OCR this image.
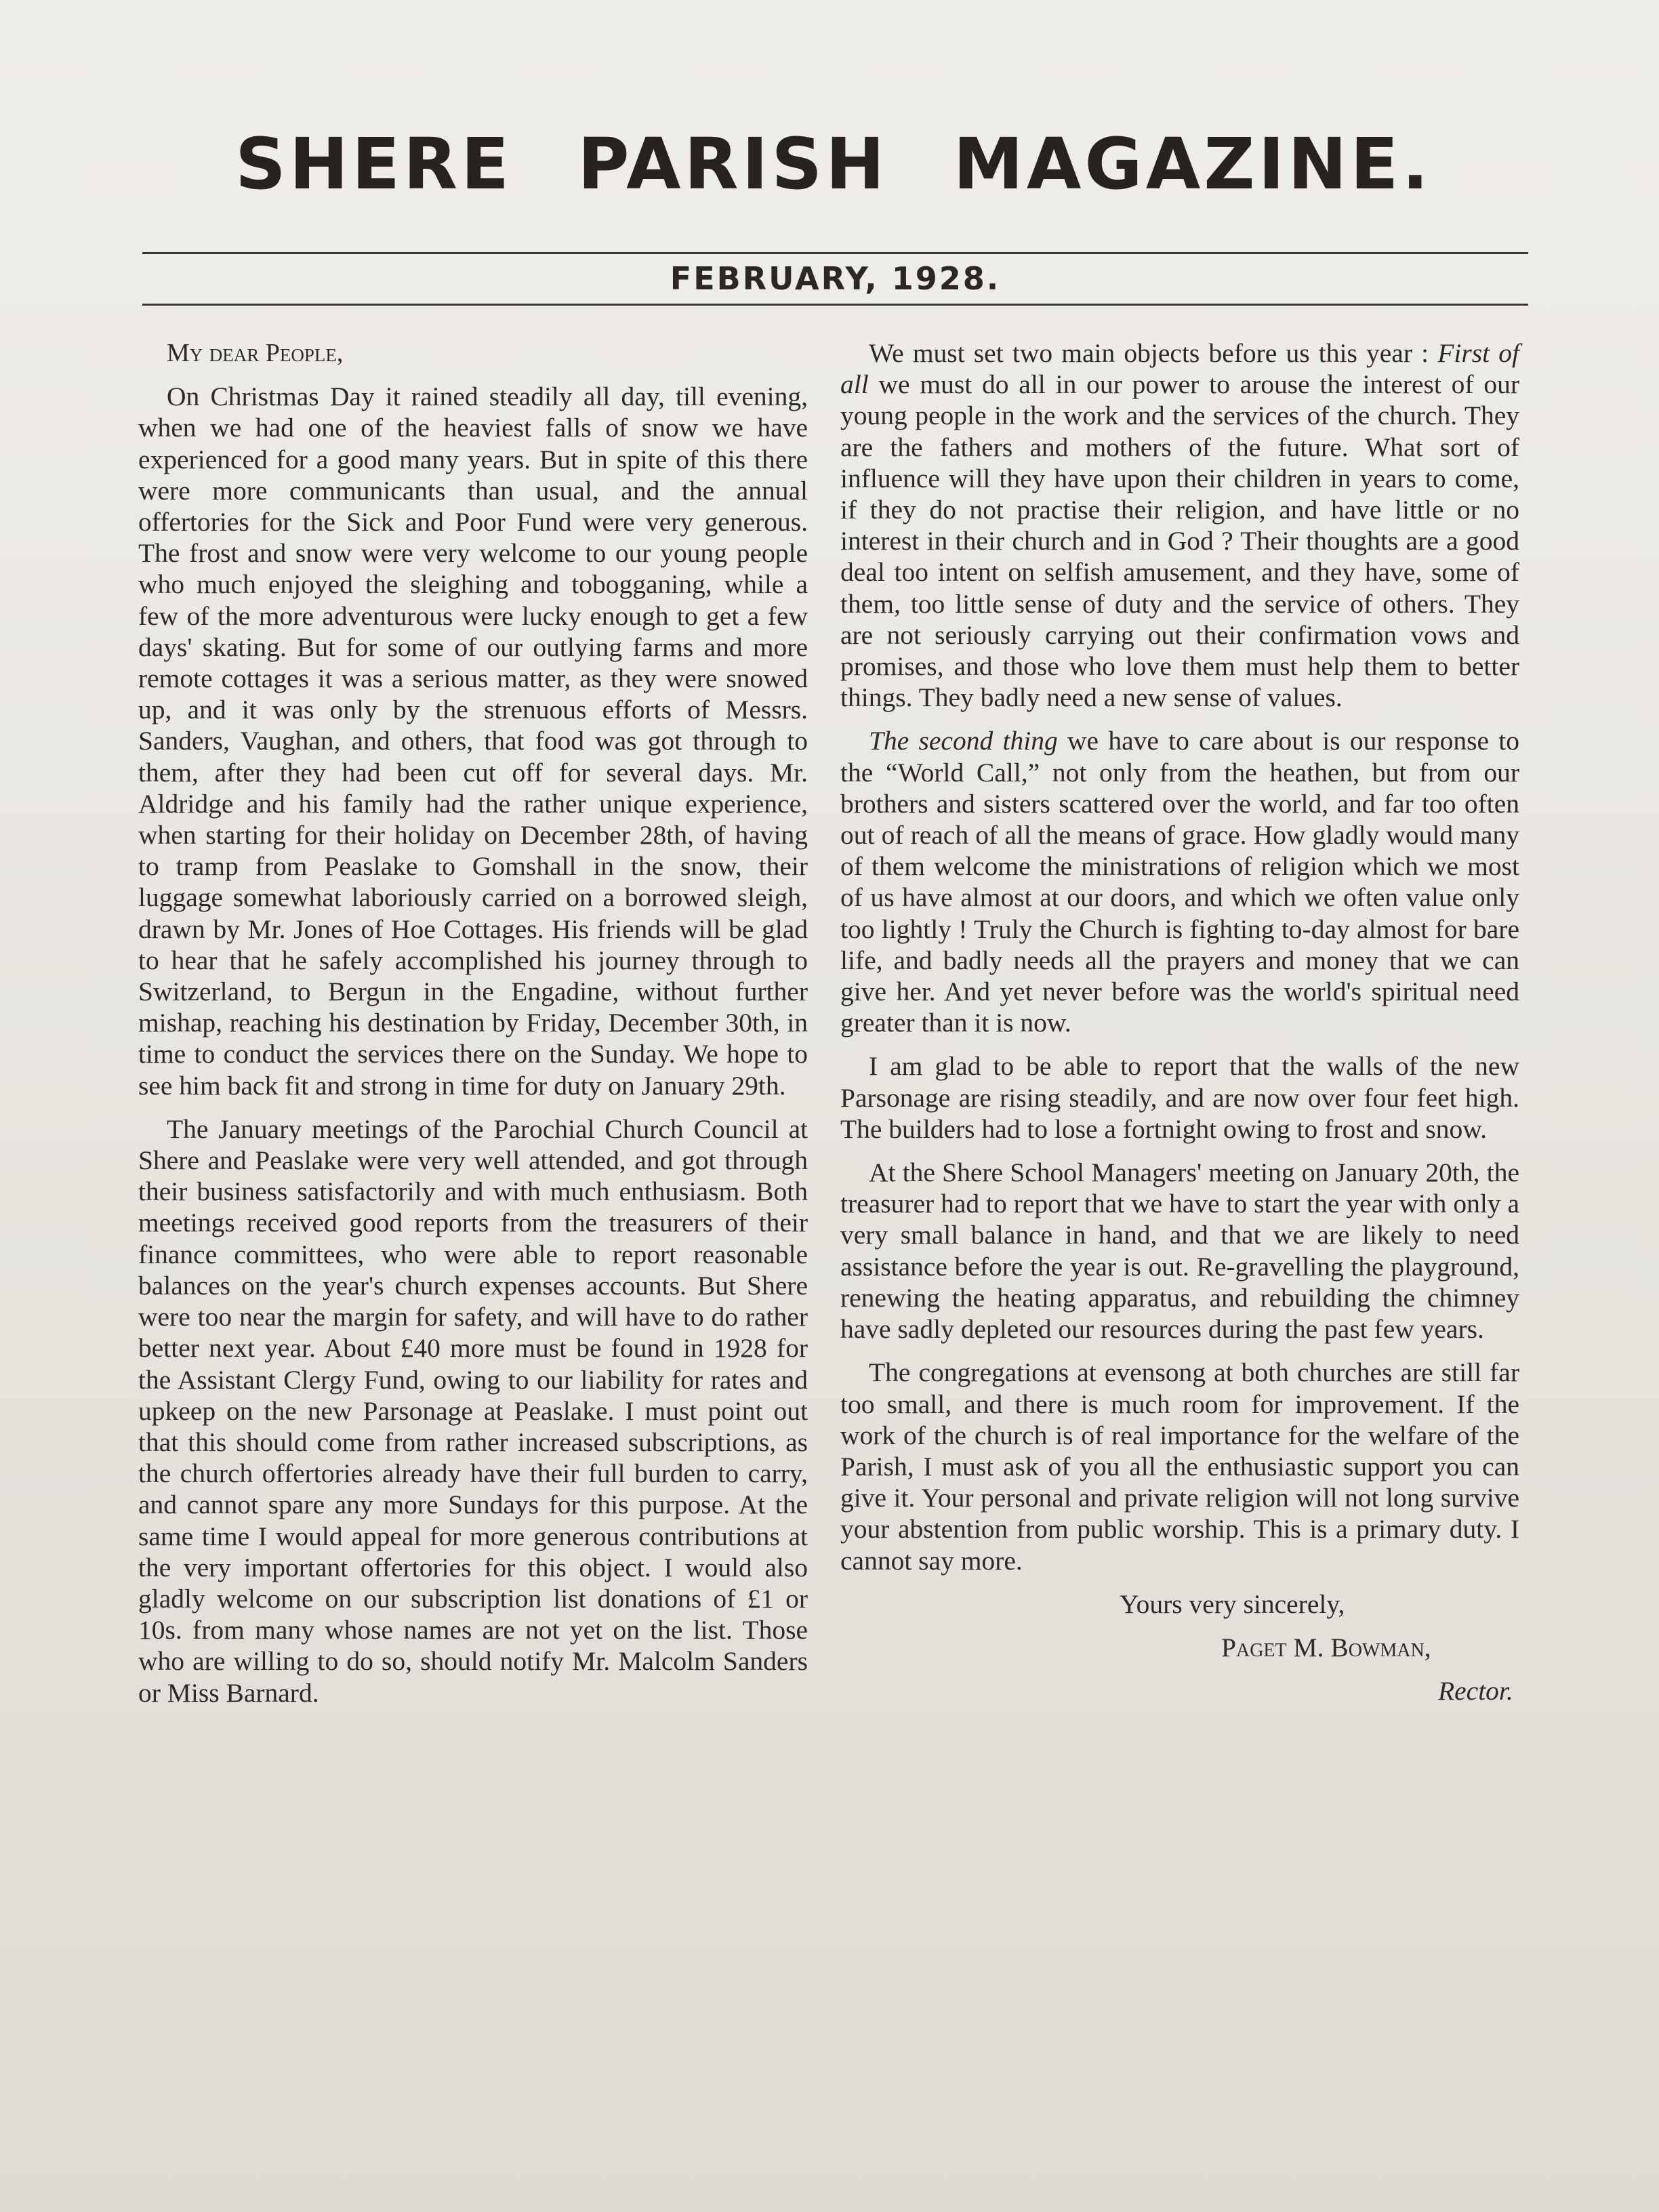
SHERE PARISH MAGAZINE.
FEBRUARY, 1928.

My dear People,

On Christmas Day it rained steadily all day, till evening, when we had one of the heaviest falls of snow we have experienced for a good many years. But in spite of this there were more communicants than usual, and the annual offertories for the Sick and Poor Fund were very generous. The frost and snow were very welcome to our young people who much enjoyed the sleighing and tobogganing, while a few of the more adventurous were lucky enough to get a few days' skating. But for some of our outlying farms and more remote cottages it was a serious matter, as they were snowed up, and it was only by the strenuous efforts of Messrs. Sanders, Vaughan, and others, that food was got through to them, after they had been cut off for several days. Mr. Aldridge and his family had the rather unique experience, when starting for their holiday on December 28th, of having to tramp from Peaslake to Gomshall in the snow, their luggage somewhat laboriously carried on a borrowed sleigh, drawn by Mr. Jones of Hoe Cottages. His friends will be glad to hear that he safely accomplished his journey through to Switzerland, to Bergun in the Engadine, without further mishap, reaching his destination by Friday, December 30th, in time to conduct the services there on the Sunday. We hope to see him back fit and strong in time for duty on January 29th.

The January meetings of the Parochial Church Council at Shere and Peaslake were very well attended, and got through their business satisfactorily and with much enthusiasm. Both meetings received good reports from the treasurers of their finance committees, who were able to report reasonable balances on the year's church expenses accounts. But Shere were too near the margin for safety, and will have to do rather better next year. About £40 more must be found in 1928 for the Assistant Clergy Fund, owing to our liability for rates and upkeep on the new Parsonage at Peaslake. I must point out that this should come from rather increased subscriptions, as the church offertories already have their full burden to carry, and cannot spare any more Sundays for this purpose. At the same time I would appeal for more generous contributions at the very important offertories for this object. I would also gladly welcome on our subscription list donations of £1 or 10s. from many whose names are not yet on the list. Those who are willing to do so, should notify Mr. Malcolm Sanders or Miss Barnard.

We must set two main objects before us this year : First of all we must do all in our power to arouse the interest of our young people in the work and the services of the church. They are the fathers and mothers of the future. What sort of influence will they have upon their children in years to come, if they do not practise their religion, and have little or no interest in their church and in God ? Their thoughts are a good deal too intent on selfish amusement, and they have, some of them, too little sense of duty and the service of others. They are not seriously carrying out their confirmation vows and promises, and those who love them must help them to better things. They badly need a new sense of values.

The second thing we have to care about is our response to the “World Call,” not only from the heathen, but from our brothers and sisters scattered over the world, and far too often out of reach of all the means of grace. How gladly would many of them welcome the ministrations of religion which we most of us have almost at our doors, and which we often value only too lightly ! Truly the Church is fighting to-day almost for bare life, and badly needs all the prayers and money that we can give her. And yet never before was the world's spiritual need greater than it is now.

I am glad to be able to report that the walls of the new Parsonage are rising steadily, and are now over four feet high. The builders had to lose a fortnight owing to frost and snow.

At the Shere School Managers' meeting on January 20th, the treasurer had to report that we have to start the year with only a very small balance in hand, and that we are likely to need assistance before the year is out. Re-gravelling the playground, renewing the heating apparatus, and rebuilding the chimney have sadly depleted our resources during the past few years.

The congregations at evensong at both churches are still far too small, and there is much room for improvement. If the work of the church is of real importance for the welfare of the Parish, I must ask of you all the enthusiastic support you can give it. Your personal and private religion will not long survive your abstention from public worship. This is a primary duty. I cannot say more.

Yours very sincerely,

Paget M. Bowman,

Rector.
